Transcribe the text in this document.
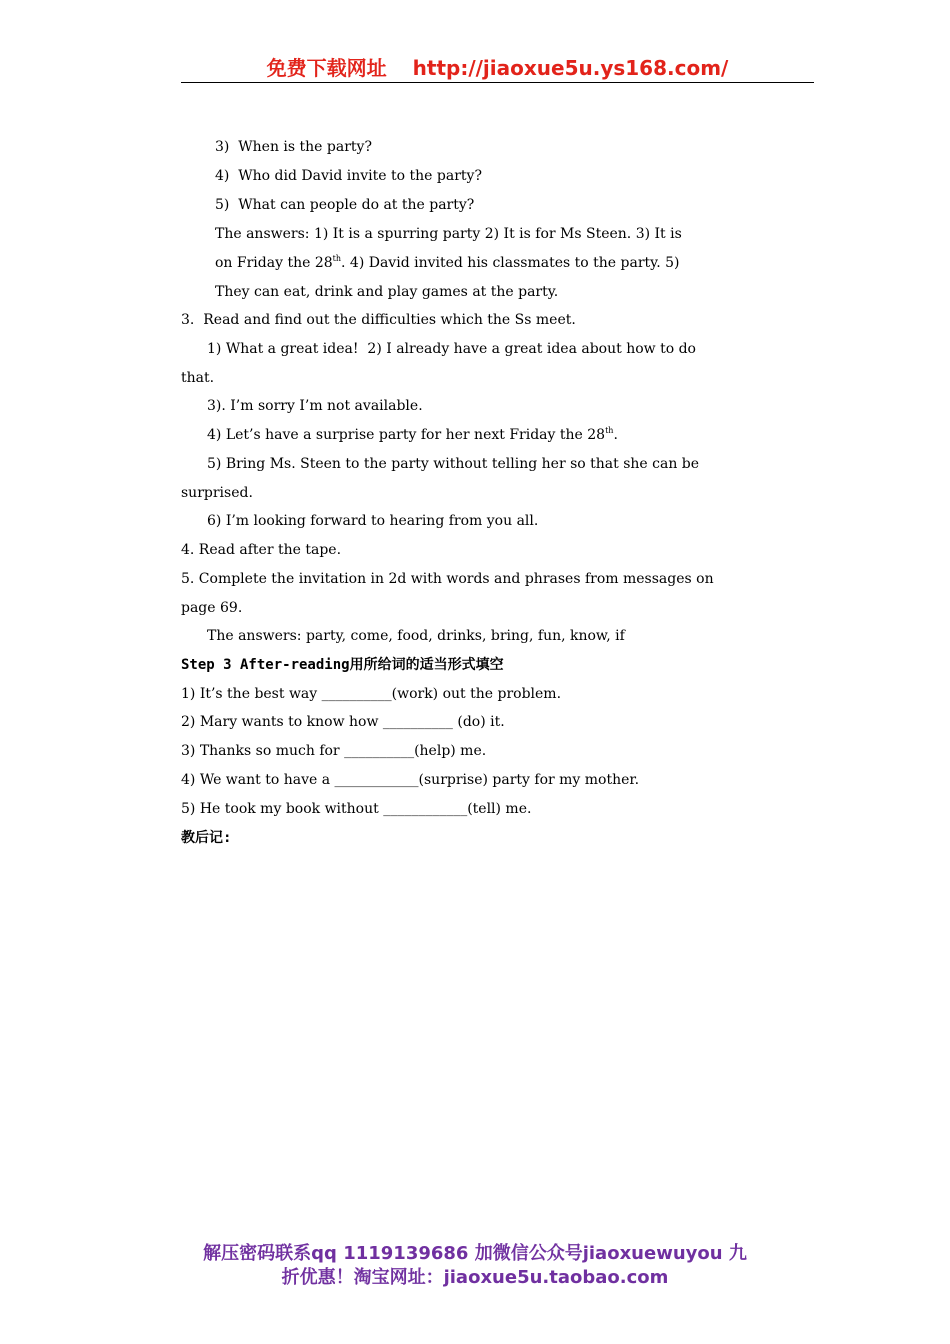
免费下载网址 http://jiaoxue5u.ys168.com/
3)  When is the party?
4)  Who did David invite to the party?
5)  What can people do at the party?
The answers: 1) It is a spurring party 2) It is for Ms Steen. 3) It is
on Friday the 28th. 4) David invited his classmates to the party. 5)
They can eat, drink and play games at the party.
3.  Read and find out the difficulties which the Ss meet.
1) What a great idea!  2) I already have a great idea about how to do
that.
3). I’m sorry I’m not available.
4) Let’s have a surprise party for her next Friday the 28th.
5) Bring Ms. Steen to the party without telling her so that she can be
surprised.
6) I’m looking forward to hearing from you all.
4. Read after the tape.
5. Complete the invitation in 2d with words and phrases from messages on
page 69.
The answers: party, come, food, drinks, bring, fun, know, if
Step 3 After-reading用所给词的适当形式填空
1) It’s the best way __________(work) out the problem.
2) Mary wants to know how __________ (do) it.
3) Thanks so much for __________(help) me.
4) We want to have a ____________(surprise) party for my mother.
5) He took my book without ____________(tell) me.
教后记:
解压密码联系qq 1119139686 加微信公众号jiaoxuewuyou 九
折优惠！淘宝网址：jiaoxue5u.taobao.com
